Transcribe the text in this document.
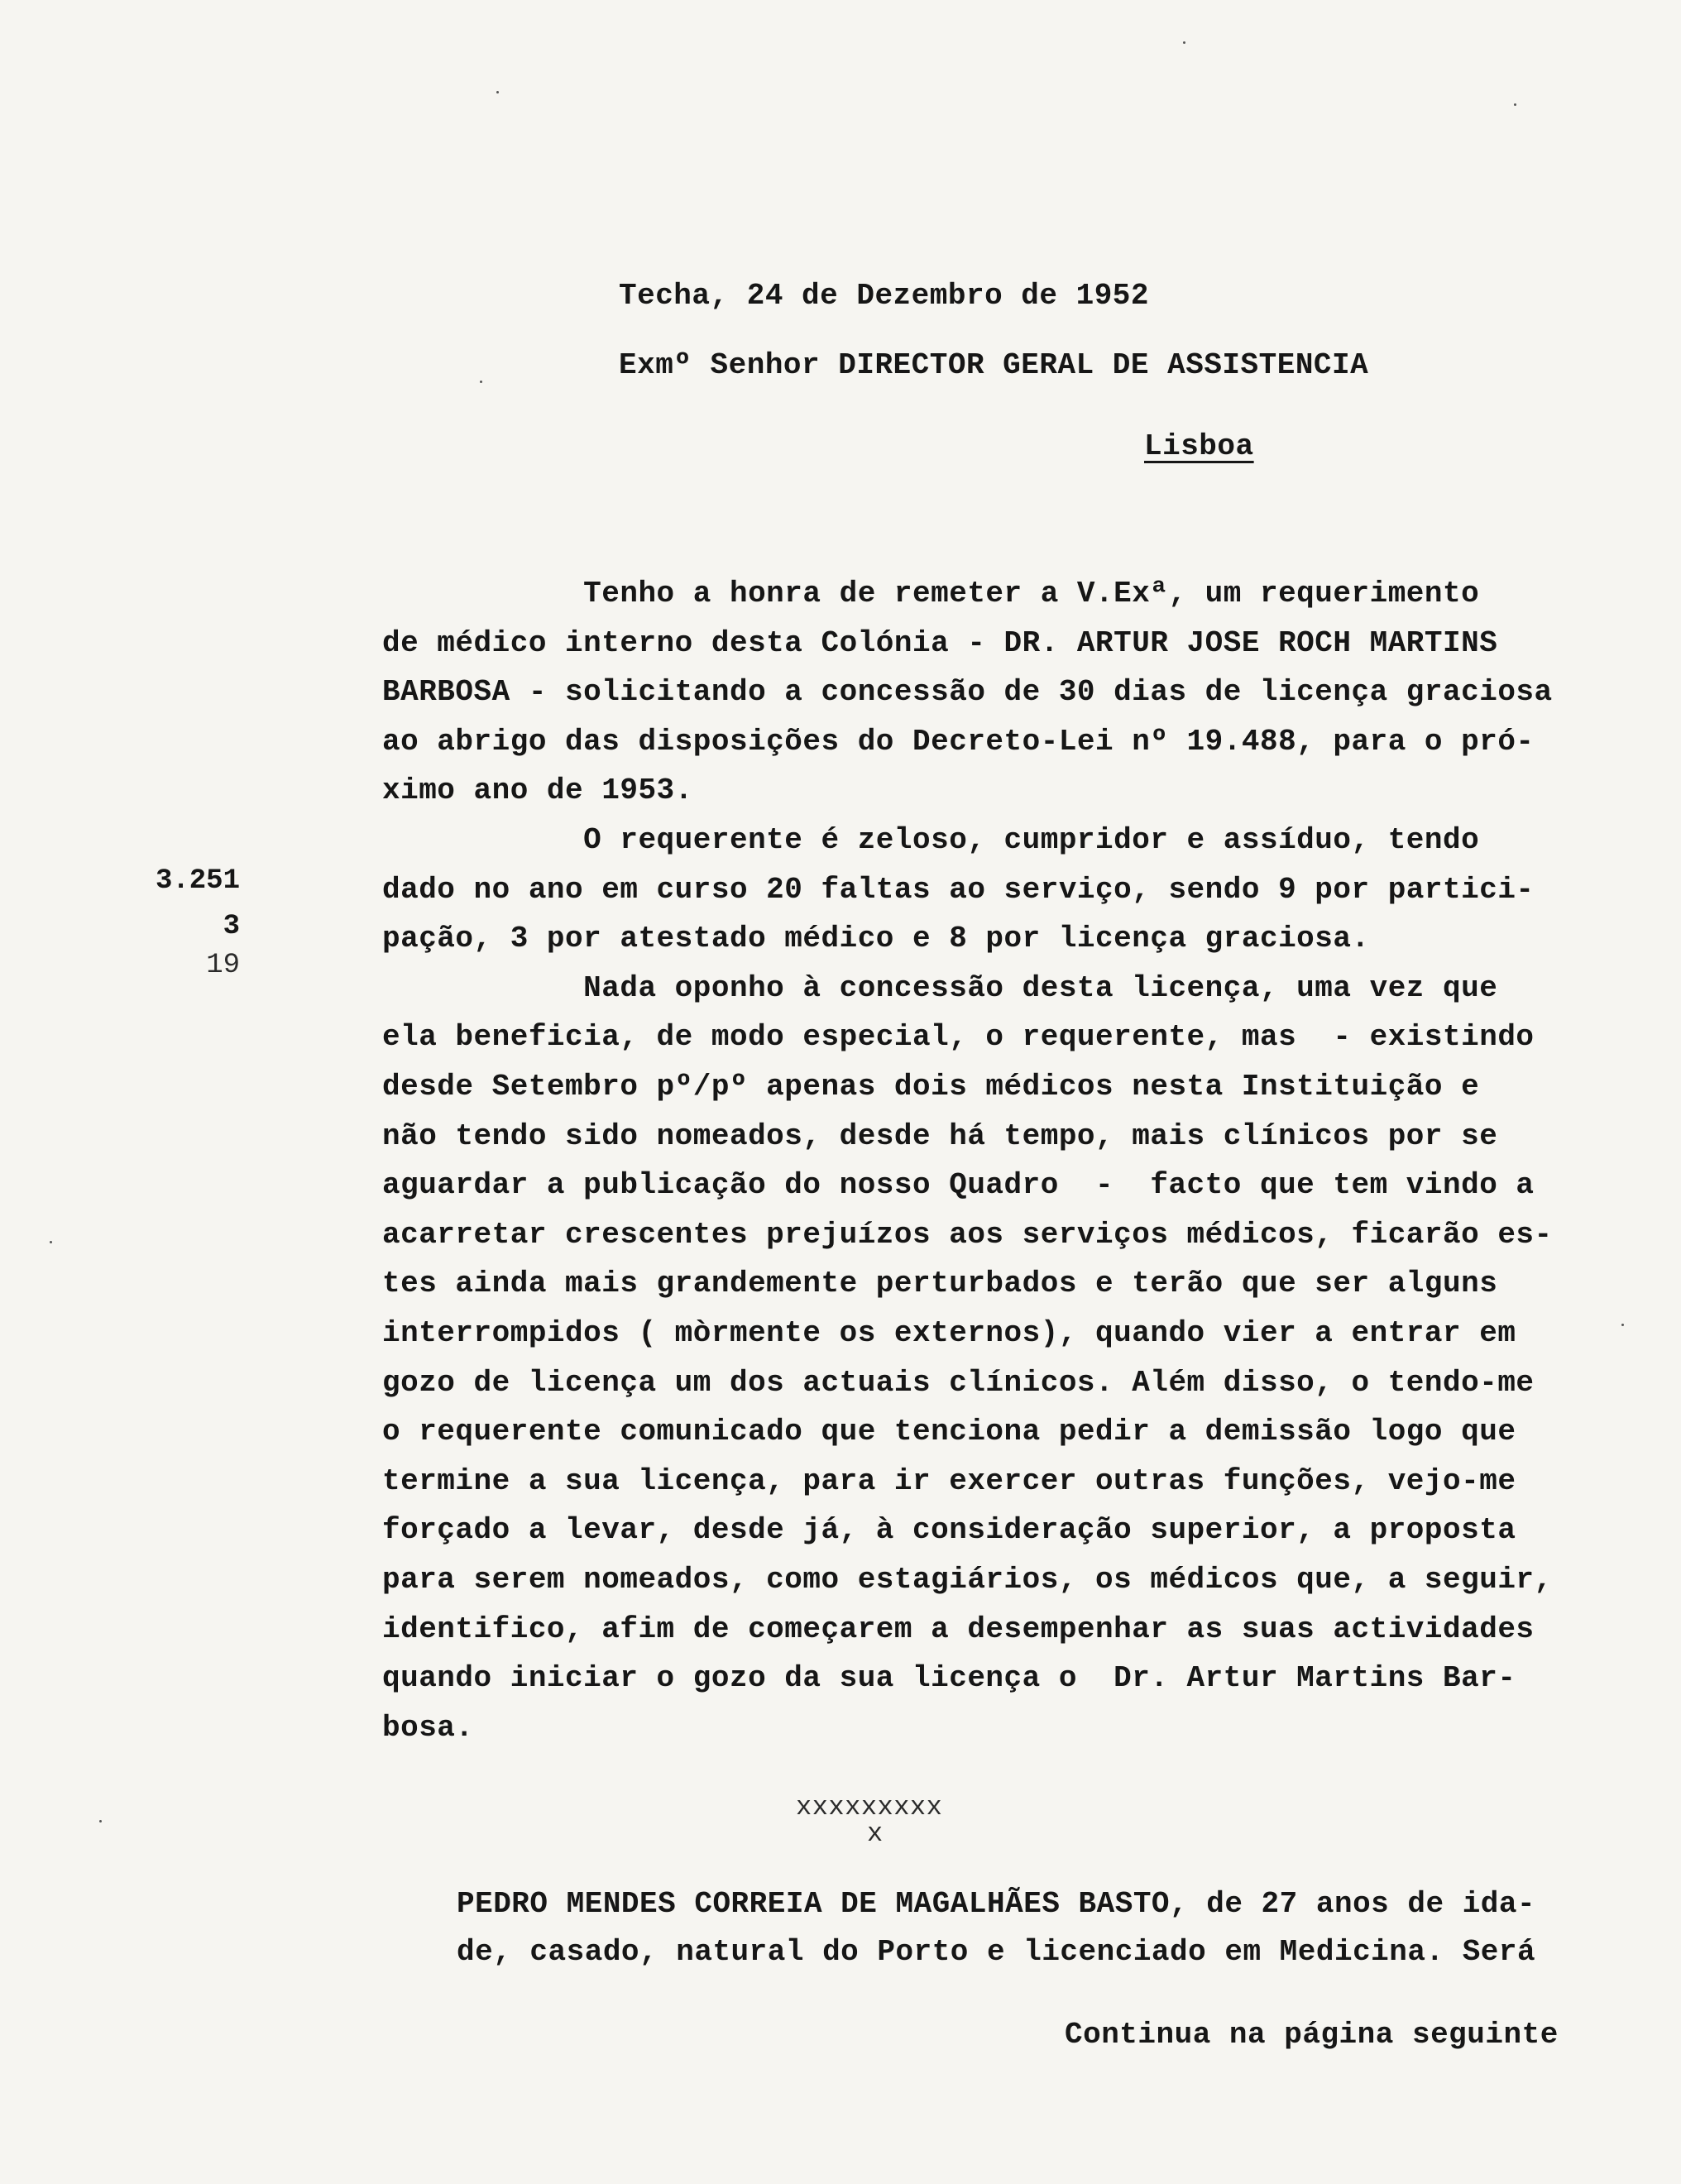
Techa, 24 de Dezembro de 1952
Exmº Senhor DIRECTOR GERAL DE ASSISTENCIA
Lisboa
3.251
3
19
Tenho a honra de remeter a V.Exª, um requerimento
de médico interno desta Colónia - DR. ARTUR JOSE ROCH MARTINS
BARBOSA - solicitando a concessão de 30 dias de licença graciosa
ao abrigo das disposições do Decreto-Lei nº 19.488, para o pró-
ximo ano de 1953.
O requerente é zeloso, cumpridor e assíduo, tendo
dado no ano em curso 20 faltas ao serviço, sendo 9 por partici-
pação, 3 por atestado médico e 8 por licença graciosa.
Nada oponho à concessão desta licença, uma vez que
ela beneficia, de modo especial, o requerente, mas  - existindo
desde Setembro pº/pº apenas dois médicos nesta Instituição e
não tendo sido nomeados, desde há tempo, mais clínicos por se
aguardar a publicação do nosso Quadro  -  facto que tem vindo a
acarretar crescentes prejuízos aos serviços médicos, ficarão es-
tes ainda mais grandemente perturbados e terão que ser alguns
interrompidos ( mòrmente os externos), quando vier a entrar em
gozo de licença um dos actuais clínicos. Além disso, o tendo-me
o requerente comunicado que tenciona pedir a demissão logo que
termine a sua licença, para ir exercer outras funções, vejo-me
forçado a levar, desde já, à consideração superior, a proposta
para serem nomeados, como estagiários, os médicos que, a seguir,
identifico, afim de começarem a desempenhar as suas actividades
quando iniciar o gozo da sua licença o  Dr. Artur Martins Bar-
bosa.
xxxxxxxxx
x
PEDRO MENDES CORREIA DE MAGALHÃES BASTO, de 27 anos de ida-
de, casado, natural do Porto e licenciado em Medicina. Será
Continua na página seguinte
